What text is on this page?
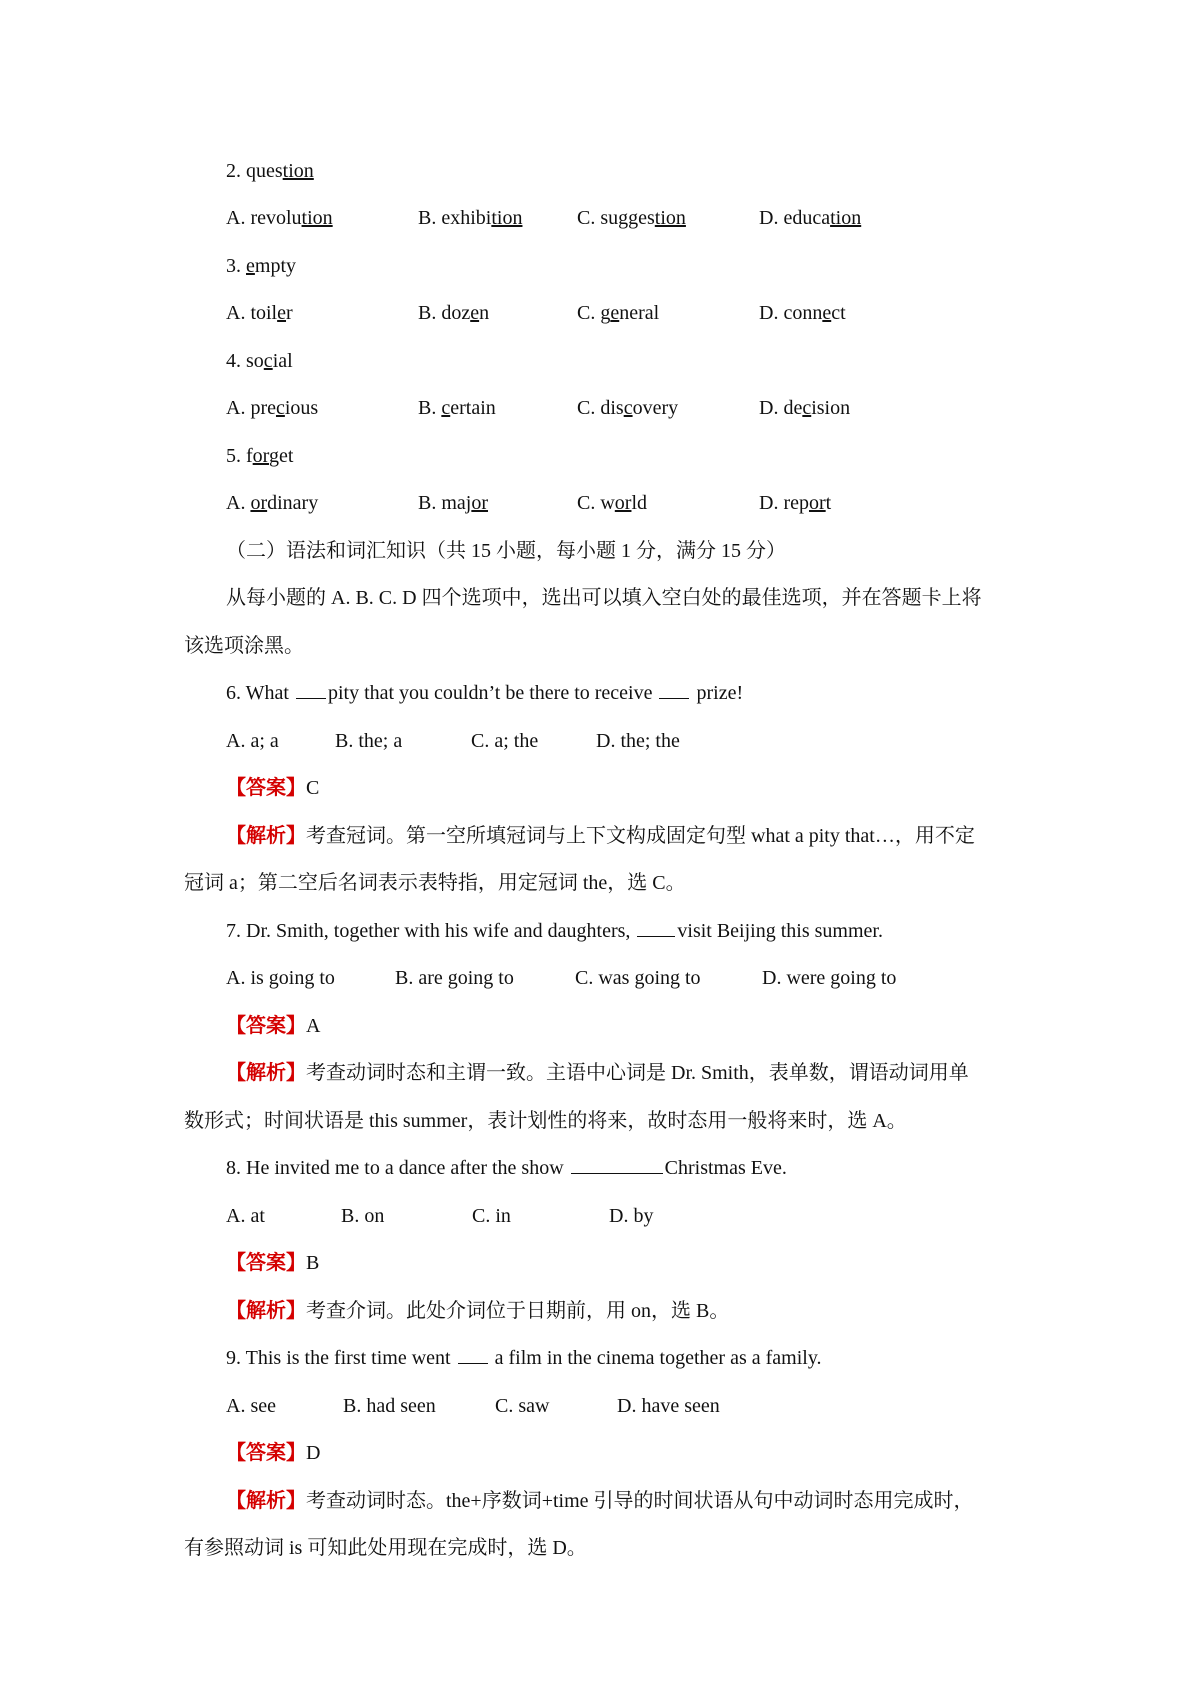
2. question
A. revolution	B. exhibition	C. suggestion	D. education
3. empty
A. toiler	B. dozen	C. general	D. connect
4. social
A. precious	B. certain	C. discovery	D. decision
5. forget
A. ordinary	B. major	C. world	D. report
（二）语法和词汇知识（共 15 小题，每小题 1 分，满分 15 分）
从每小题的 A. B. C. D 四个选项中，选出可以填入空白处的最佳选项，并在答题卡上将
该选项涂黑。
6. What pity that you couldn’t be there to receive  prize!
A. a; a	B. the; a	C. a; the	D. the; the
【答案】C
【解析】考查冠词。第一空所填冠词与上下文构成固定句型 what a pity that…，用不定
冠词 a；第二空后名词表示表特指，用定冠词 the，选 C。
7. Dr. Smith, together with his wife and daughters, visit Beijing this summer.
A. is going to	B. are going to	C. was going to	D. were going to
【答案】A
【解析】考查动词时态和主谓一致。主语中心词是 Dr. Smith，表单数，谓语动词用单
数形式；时间状语是 this summer，表计划性的将来，故时态用一般将来时，选 A。
8. He invited me to a dance after the show	Christmas Eve.
A. at	B. on	C. in	D. by
【答案】B
【解析】考查介词。此处介词位于日期前，用 on，选 B。
9. This is the first time went  a film in the cinema together as a family.
A. see	B. had seen	C. saw	D. have seen
【答案】D
【解析】考查动词时态。the+序数词+time 引导的时间状语从句中动词时态用完成时，
有参照动词 is 可知此处用现在完成时，选 D。
